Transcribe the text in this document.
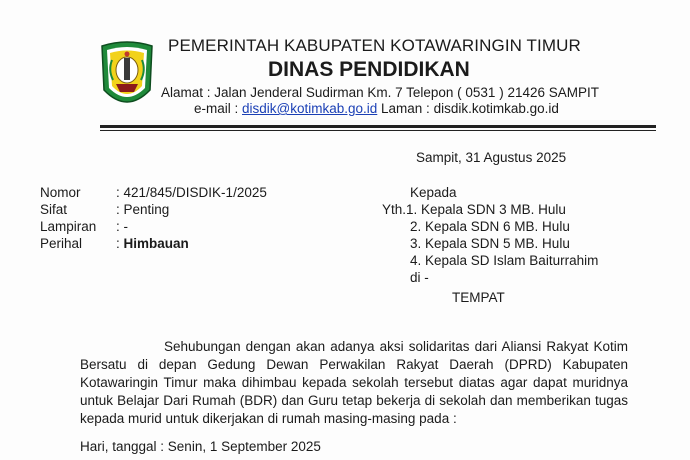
PEMERINTAH KABUPATEN KOTAWARINGIN TIMUR
DINAS PENDIDIKAN
Alamat : Jalan Jenderal Sudirman Km. 7 Telepon ( 0531 ) 21426 SAMPIT
e-mail : disdik@kotimkab.go.id Laman : disdik.kotimkab.go.id
Sampit, 31 Agustus 2025
Nomor	: 421/845/DISDIK-1/2025
Sifat	: Penting
Lampiran : -
Perihal	: Himbauan
Kepada
Yth.1. Kepala SDN 3 MB. Hulu
2. Kepala SDN 6 MB. Hulu
3. Kepala SDN 5 MB. Hulu
4. Kepala SD Islam Baiturrahim
di -
TEMPAT

Sehubungan dengan akan adanya aksi solidaritas dari Aliansi Rakyat Kotim Bersatu di depan Gedung Dewan Perwakilan Rakyat Daerah (DPRD) Kabupaten Kotawaringin Timur maka dihimbau kepada sekolah tersebut diatas agar dapat muridnya untuk Belajar Dari Rumah (BDR) dan Guru tetap bekerja di sekolah dan memberikan tugas kepada murid untuk dikerjakan di rumah masing-masing pada :

Hari, tanggal : Senin, 1 September 2025
